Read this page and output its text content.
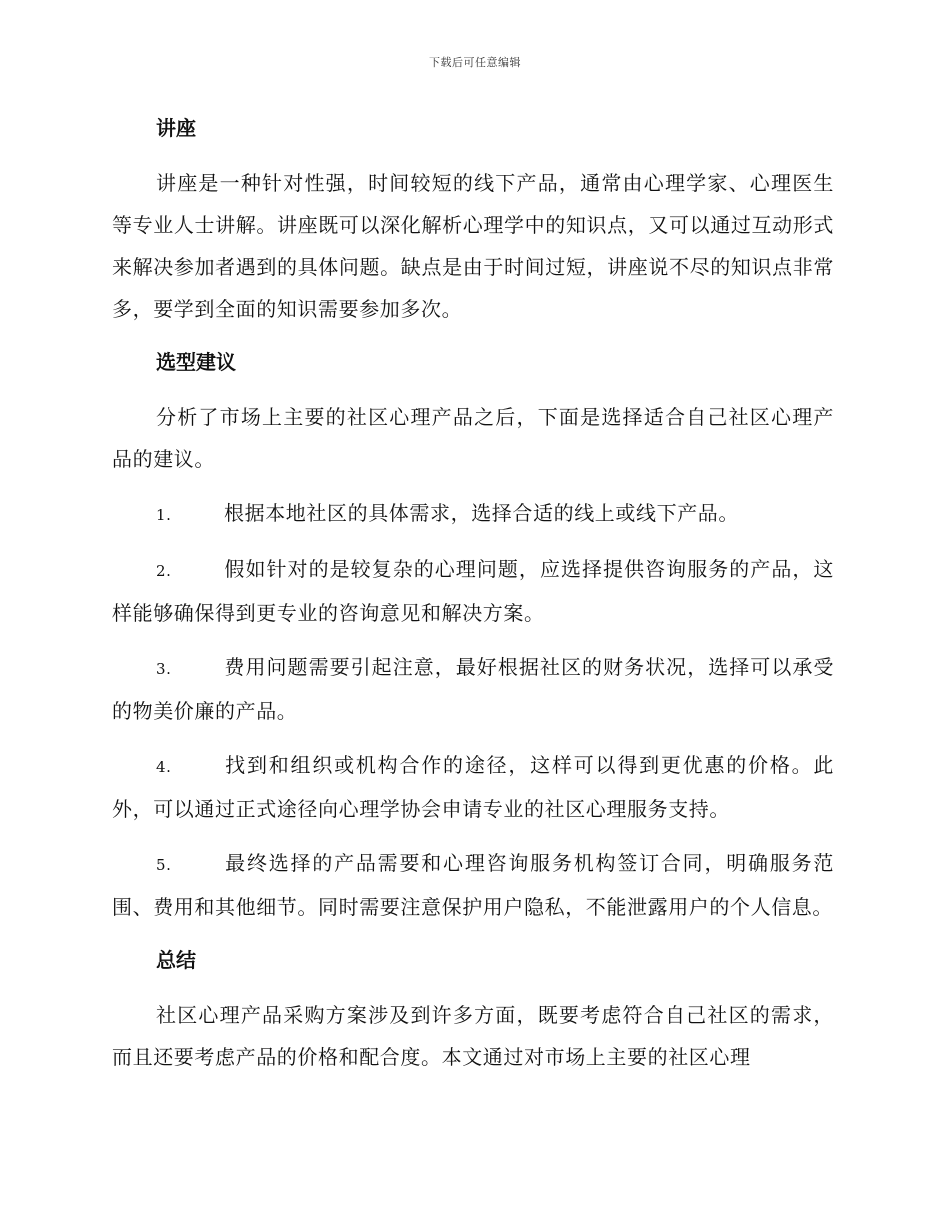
下载后可任意编辑
讲座

讲座是一种针对性强，时间较短的线下产品，通常由心理学家、心理医生等专业人士讲解。讲座既可以深化解析心理学中的知识点，又可以通过互动形式来解决参加者遇到的具体问题。缺点是由于时间过短，讲座说不尽的知识点非常多，要学到全面的知识需要参加多次。

选型建议

分析了市场上主要的社区心理产品之后，下面是选择适合自己社区心理产品的建议。

1.	根据本地社区的具体需求，选择合适的线上或线下产品。

2.	假如针对的是较复杂的心理问题，应选择提供咨询服务的产品，这样能够确保得到更专业的咨询意见和解决方案。

3.	费用问题需要引起注意，最好根据社区的财务状况，选择可以承受的物美价廉的产品。

4.	找到和组织或机构合作的途径，这样可以得到更优惠的价格。此外，可以通过正式途径向心理学协会申请专业的社区心理服务支持。

5.	最终选择的产品需要和心理咨询服务机构签订合同，明确服务范围、费用和其他细节。同时需要注意保护用户隐私，不能泄露用户的个人信息。

总结

社区心理产品采购方案涉及到许多方面，既要考虑符合自己社区的需求，而且还要考虑产品的价格和配合度。本文通过对市场上主要的社区心理
